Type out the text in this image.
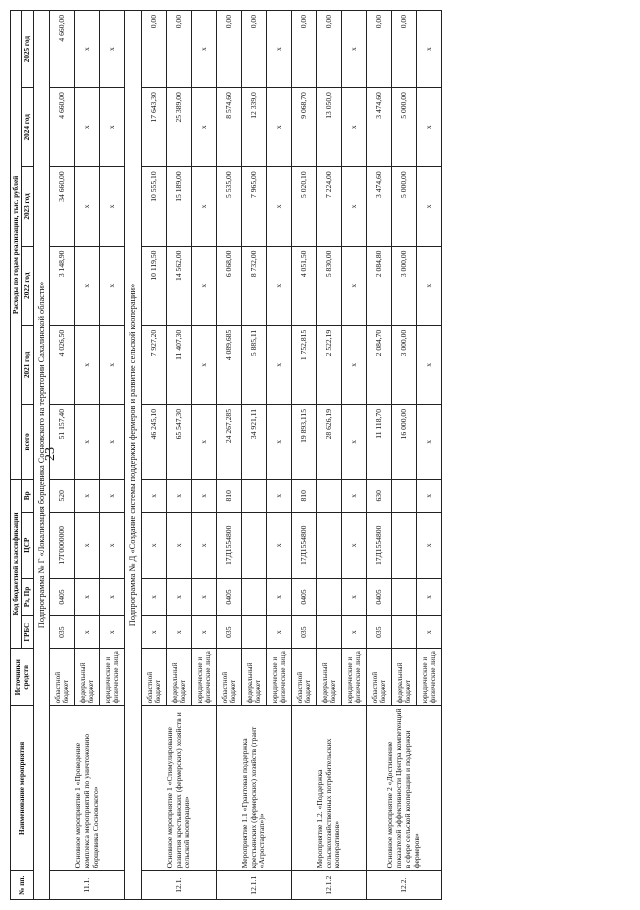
23
№ пп.	Наименование мероприятия	Источники средств	Код бюджетной классификации				Расходы по годам реализации, тыс. рублей					
			ГРБС	Рз, Пр	ЦСР	Вр	всего	2021 год	2022 год	2023 год	2024 год	2025 год
Подпрограмма № Г «Локализация борщевика Сосновского на территории Сахалинской области»												
11.1.	Основное мероприятие 1 «Проведение комплекса мероприятий по уничтожению борщевика Сосновского»	областной бюджет	035	0405	17Г0000000	520	51 157,40	4 026,50	3 148,90	34 660,00	4 660,00	4 660,00
		федеральный бюджет	х	х	х	х	х	х	х	х	х	х
		юридические и физические лица	х	х	х	х	х	х	х	х	х	х
Подпрограмма № Д «Создание системы поддержки фермеров и развитие сельской кооперации»												
12.1.	Основное мероприятие 1 «Стимулирование развития крестьянских (фермерских) хозяйств и сельской кооперации»	областной бюджет	х	х	х	х	46 245,10	7 927,20	10 119,50	10 555,10	17 643,30	0,00
		федеральный бюджет	х	х	х	х	65 547,30	11 407,30	14 562,00	15 189,00	25 389,00	0,00
		юридические и физические лица	х	х	х	х	х	х	х	х	х	х
12.1.1	Мероприятие 1.1 «Грантовая поддержка крестьянских (фермерских) хозяйств (грант «Агростартап»)»	областной бюджет	035	0405	17Д1554800	810	24 267,285	4 089,685	6 068,00	5 535,00	8 574,60	0,00
		федеральный бюджет					34 921,11	5 885,11	8 732,00	7 965,00	12 339,0	0,00
		юридические и физические лица	х	х	х	х	х	х	х	х	х	х
12.1.2	Мероприятие 1.2. «Поддержка сельскохозяйственных потребительских кооперативов»	областной бюджет	035	0405	17Д1554800	810	19 893,115	1 752,815	4 051,50	5 020,10	9 068,70	0,00
		федеральный бюджет					28 626,19	2 522,19	5 830,00	7 224,00	13 050,0	0,00
		юридические и физические лица	х	х	х	х	х	х	х	х	х	х
12.2.	Основное мероприятие 2 «Достижение показателей эффективности Центра компетенций в сфере сельской кооперации и поддержки фермеров»	областной бюджет	035	0405	17Д1554800	630	11 118,70	2 084,70	2 084,80	3 474,60	3 474,60	0,00
		федеральный бюджет					16 000,00	3 000,00	3 000,00	5 000,00	5 000,00	0,00
		юридические и физические лица	х	х	х	х	х	х	х	х	х	х
